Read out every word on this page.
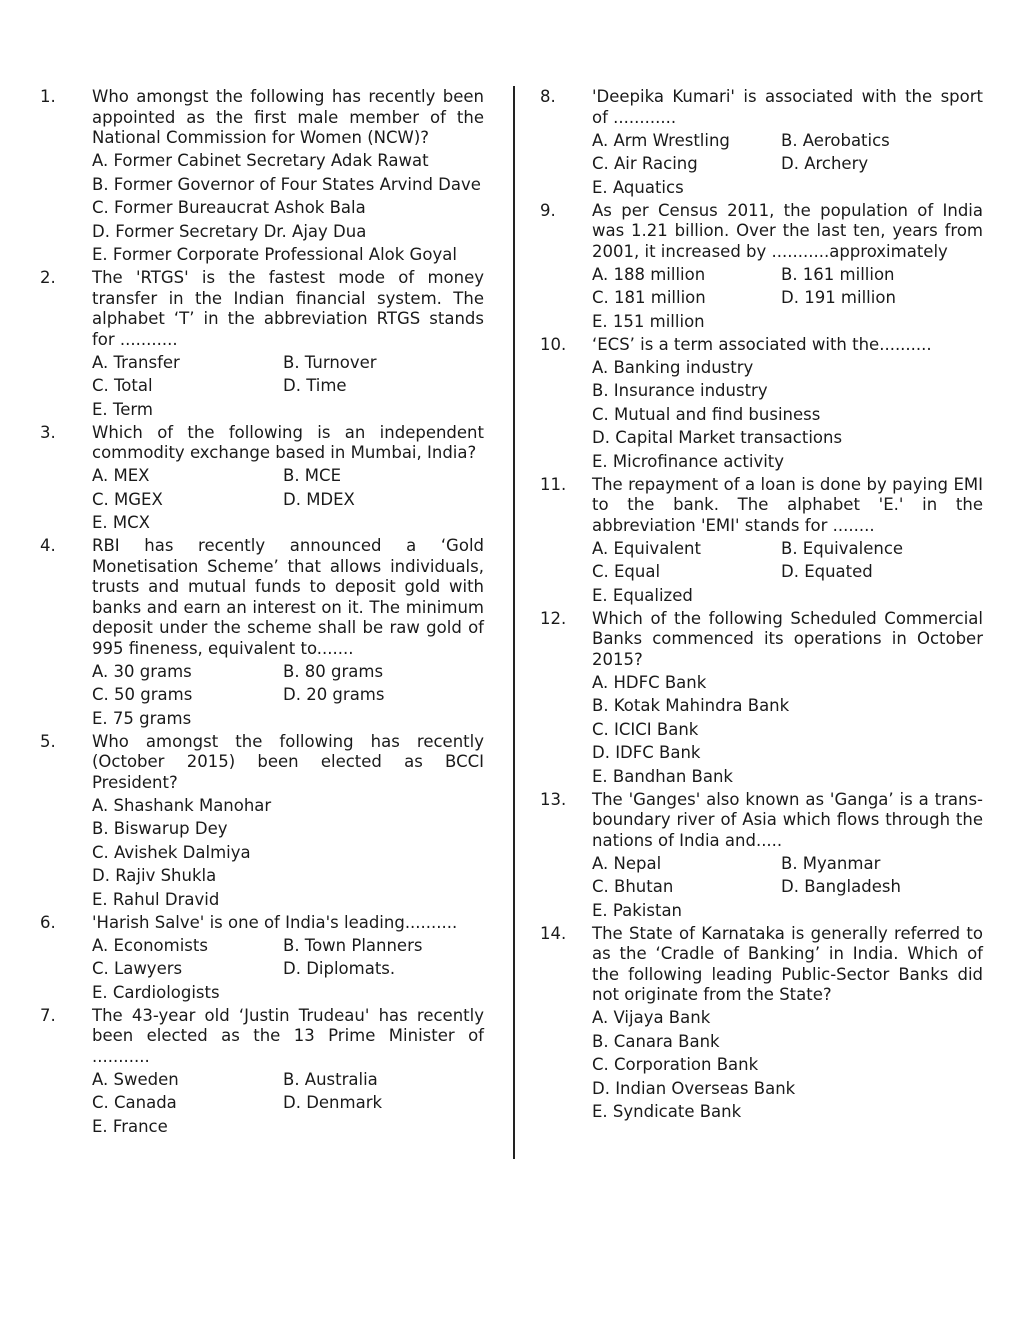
1.	Who amongst the following has recently been appointed as the first male member of the National Commission for Women (NCW)?
A. Former Cabinet Secretary Adak Rawat
B. Former Governor of Four States Arvind Dave
C. Former Bureaucrat Ashok Bala
D. Former Secretary Dr. Ajay Dua
E. Former Corporate Professional Alok Goyal
2.	The 'RTGS' is the fastest mode of money transfer in the Indian financial system. The alphabet ‘T’ in the abbreviation RTGS stands for ...........
A. Transfer	B. Turnover
C. Total	D. Time
E. Term
3.	Which of the following is an independent commodity exchange based in Mumbai, India?
A. MEX	B. MCE
C. MGEX	D. MDEX
E. MCX
4.	RBI has recently announced a ‘Gold Monetisation Scheme’ that allows individuals, trusts and mutual funds to deposit gold with banks and earn an interest on it. The minimum deposit under the scheme shall be raw gold of 995 fineness, equivalent to.......
A. 30 grams	B. 80 grams
C. 50 grams	D. 20 grams
E. 75 grams
5.	Who amongst the following has recently (October 2015) been elected as BCCI President?
A. Shashank Manohar
B. Biswarup Dey
C. Avishek Dalmiya
D. Rajiv Shukla
E. Rahul Dravid
6.	'Harish Salve' is one of India's leading..........
A. Economists	B. Town Planners
C. Lawyers	D. Diplomats.
E. Cardiologists
7.	The 43-year old ‘Justin Trudeau' has recently been elected as the 13 Prime Minister of ...........
A. Sweden	B. Australia
C. Canada	D. Denmark
E. France
8.	'Deepika Kumari' is associated with the sport of ............
A. Arm Wrestling	B. Aerobatics
C. Air Racing	D. Archery
E. Aquatics
9.	As per Census 2011, the population of India was 1.21 billion. Over the last ten, years from 2001, it increased by ...........approximately
A. 188 million	B. 161 million
C. 181 million	D. 191 million
E. 151 million
10.	‘ECS’ is a term associated with the..........
A. Banking industry
B. Insurance industry
C. Mutual and find business
D. Capital Market transactions
E. Microfinance activity
11.	The repayment of a loan is done by paying EMI to the bank. The alphabet 'E.' in the abbreviation 'EMI' stands for ........
A. Equivalent	B. Equivalence
C. Equal	D. Equated
E. Equalized
12.	Which of the following Scheduled Commercial Banks commenced its operations in October 2015?
A. HDFC Bank
B. Kotak Mahindra Bank
C. ICICI Bank
D. IDFC Bank
E. Bandhan Bank
13.	The 'Ganges' also known as 'Ganga’ is a trans-boundary river of Asia which flows through the nations of India and.....
A. Nepal	B. Myanmar
C. Bhutan	D. Bangladesh
E. Pakistan
14.	The State of Karnataka is generally referred to as the ‘Cradle of Banking’ in India. Which of the following leading Public-Sector Banks did not originate from the State?
A. Vijaya Bank
B. Canara Bank
C. Corporation Bank
D. Indian Overseas Bank
E. Syndicate Bank
